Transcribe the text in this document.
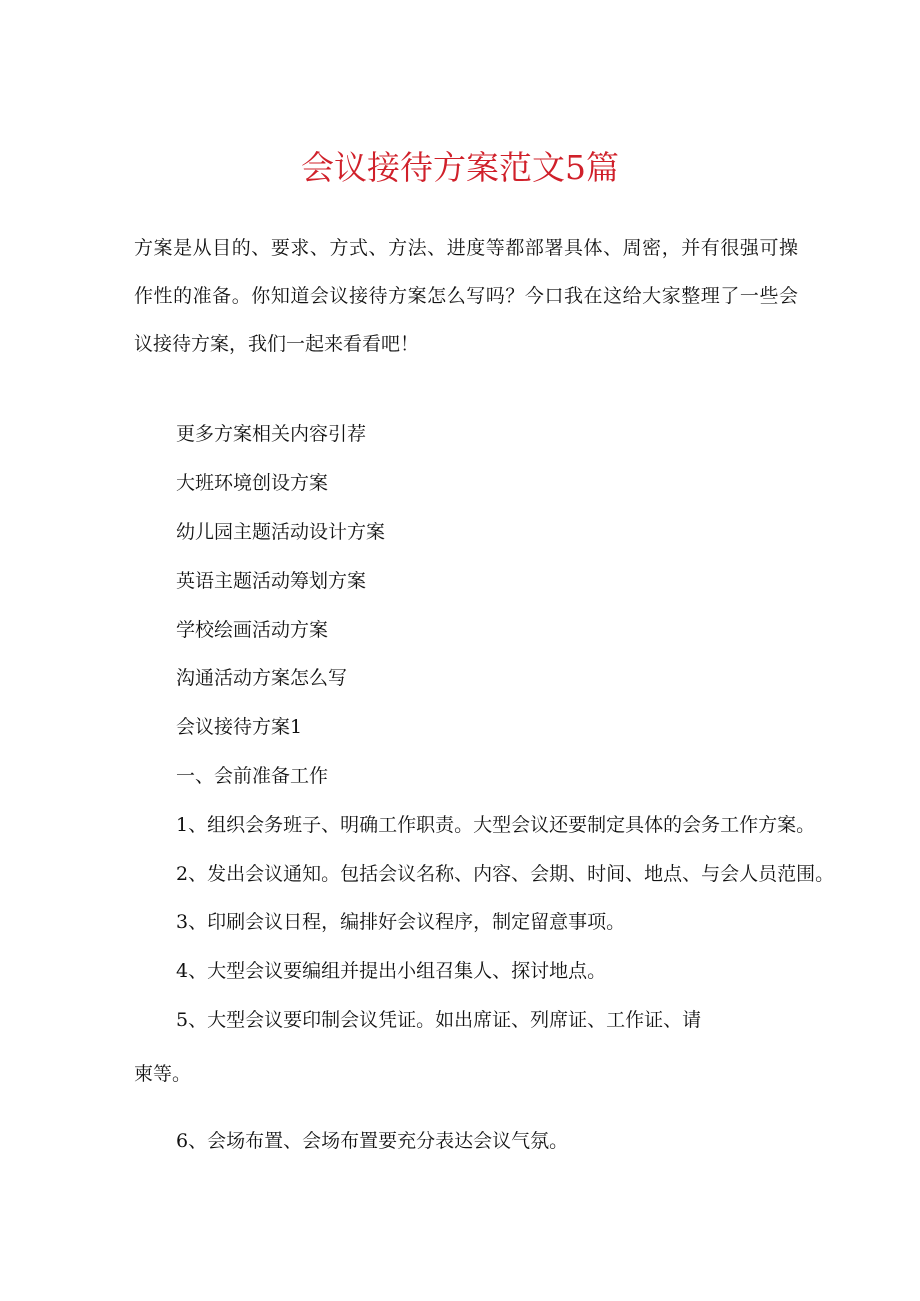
会议接待方案范文5篇
方案是从目的、要求、方式、方法、进度等都部署具体、周密，并有很强可操作性的准备。你知道会议接待方案怎么写吗？今口我在这给大家整理了一些会议接待方案，我们一起来看看吧！
更多方案相关内容引荐
大班环境创设方案
幼儿园主题活动设计方案
英语主题活动筹划方案
学校绘画活动方案
沟通活动方案怎么写
会议接待方案1
一、会前准备工作
1、组织会务班子、明确工作职责。大型会议还要制定具体的会务工作方案。
2、发出会议通知。包括会议名称、内容、会期、时间、地点、与会人员范围。
3、印刷会议日程，编排好会议程序，制定留意事项。
4、大型会议要编组并提出小组召集人、探讨地点。
5、大型会议要印制会议凭证。如出席证、列席证、工作证、请
柬等。
6、会场布置、会场布置要充分表达会议气氛。
